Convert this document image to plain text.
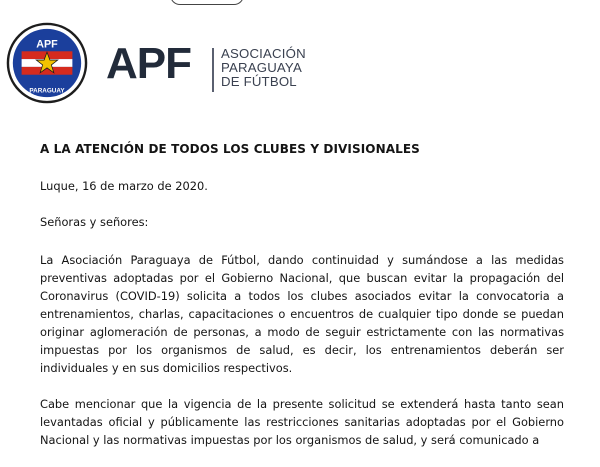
APF
PARAGUAY
APF ASOCIACIÓN
PARAGUAYA
DE FÚTBOL
A LA ATENCIÓN DE TODOS LOS CLUBES Y DIVISIONALES
Luque, 16 de marzo de 2020.
Señoras y señores:
La Asociación Paraguaya de Fútbol, dando continuidad y sumándose a las medidas preventivas adoptadas por el Gobierno Nacional, que buscan evitar la propagación del Coronavirus (COVID-19) solicita a todos los clubes asociados evitar la convocatoria a entrenamientos, charlas, capacitaciones o encuentros de cualquier tipo donde se puedan originar aglomeración de personas, a modo de seguir estrictamente con las normativas impuestas por los organismos de salud, es decir, los entrenamientos deberán ser individuales y en sus domicilios respectivos.
Cabe mencionar que la vigencia de la presente solicitud se extenderá hasta tanto sean levantadas oficial y públicamente las restricciones sanitarias adoptadas por el Gobierno Nacional y las normativas impuestas por los organismos de salud, y será comunicado a
